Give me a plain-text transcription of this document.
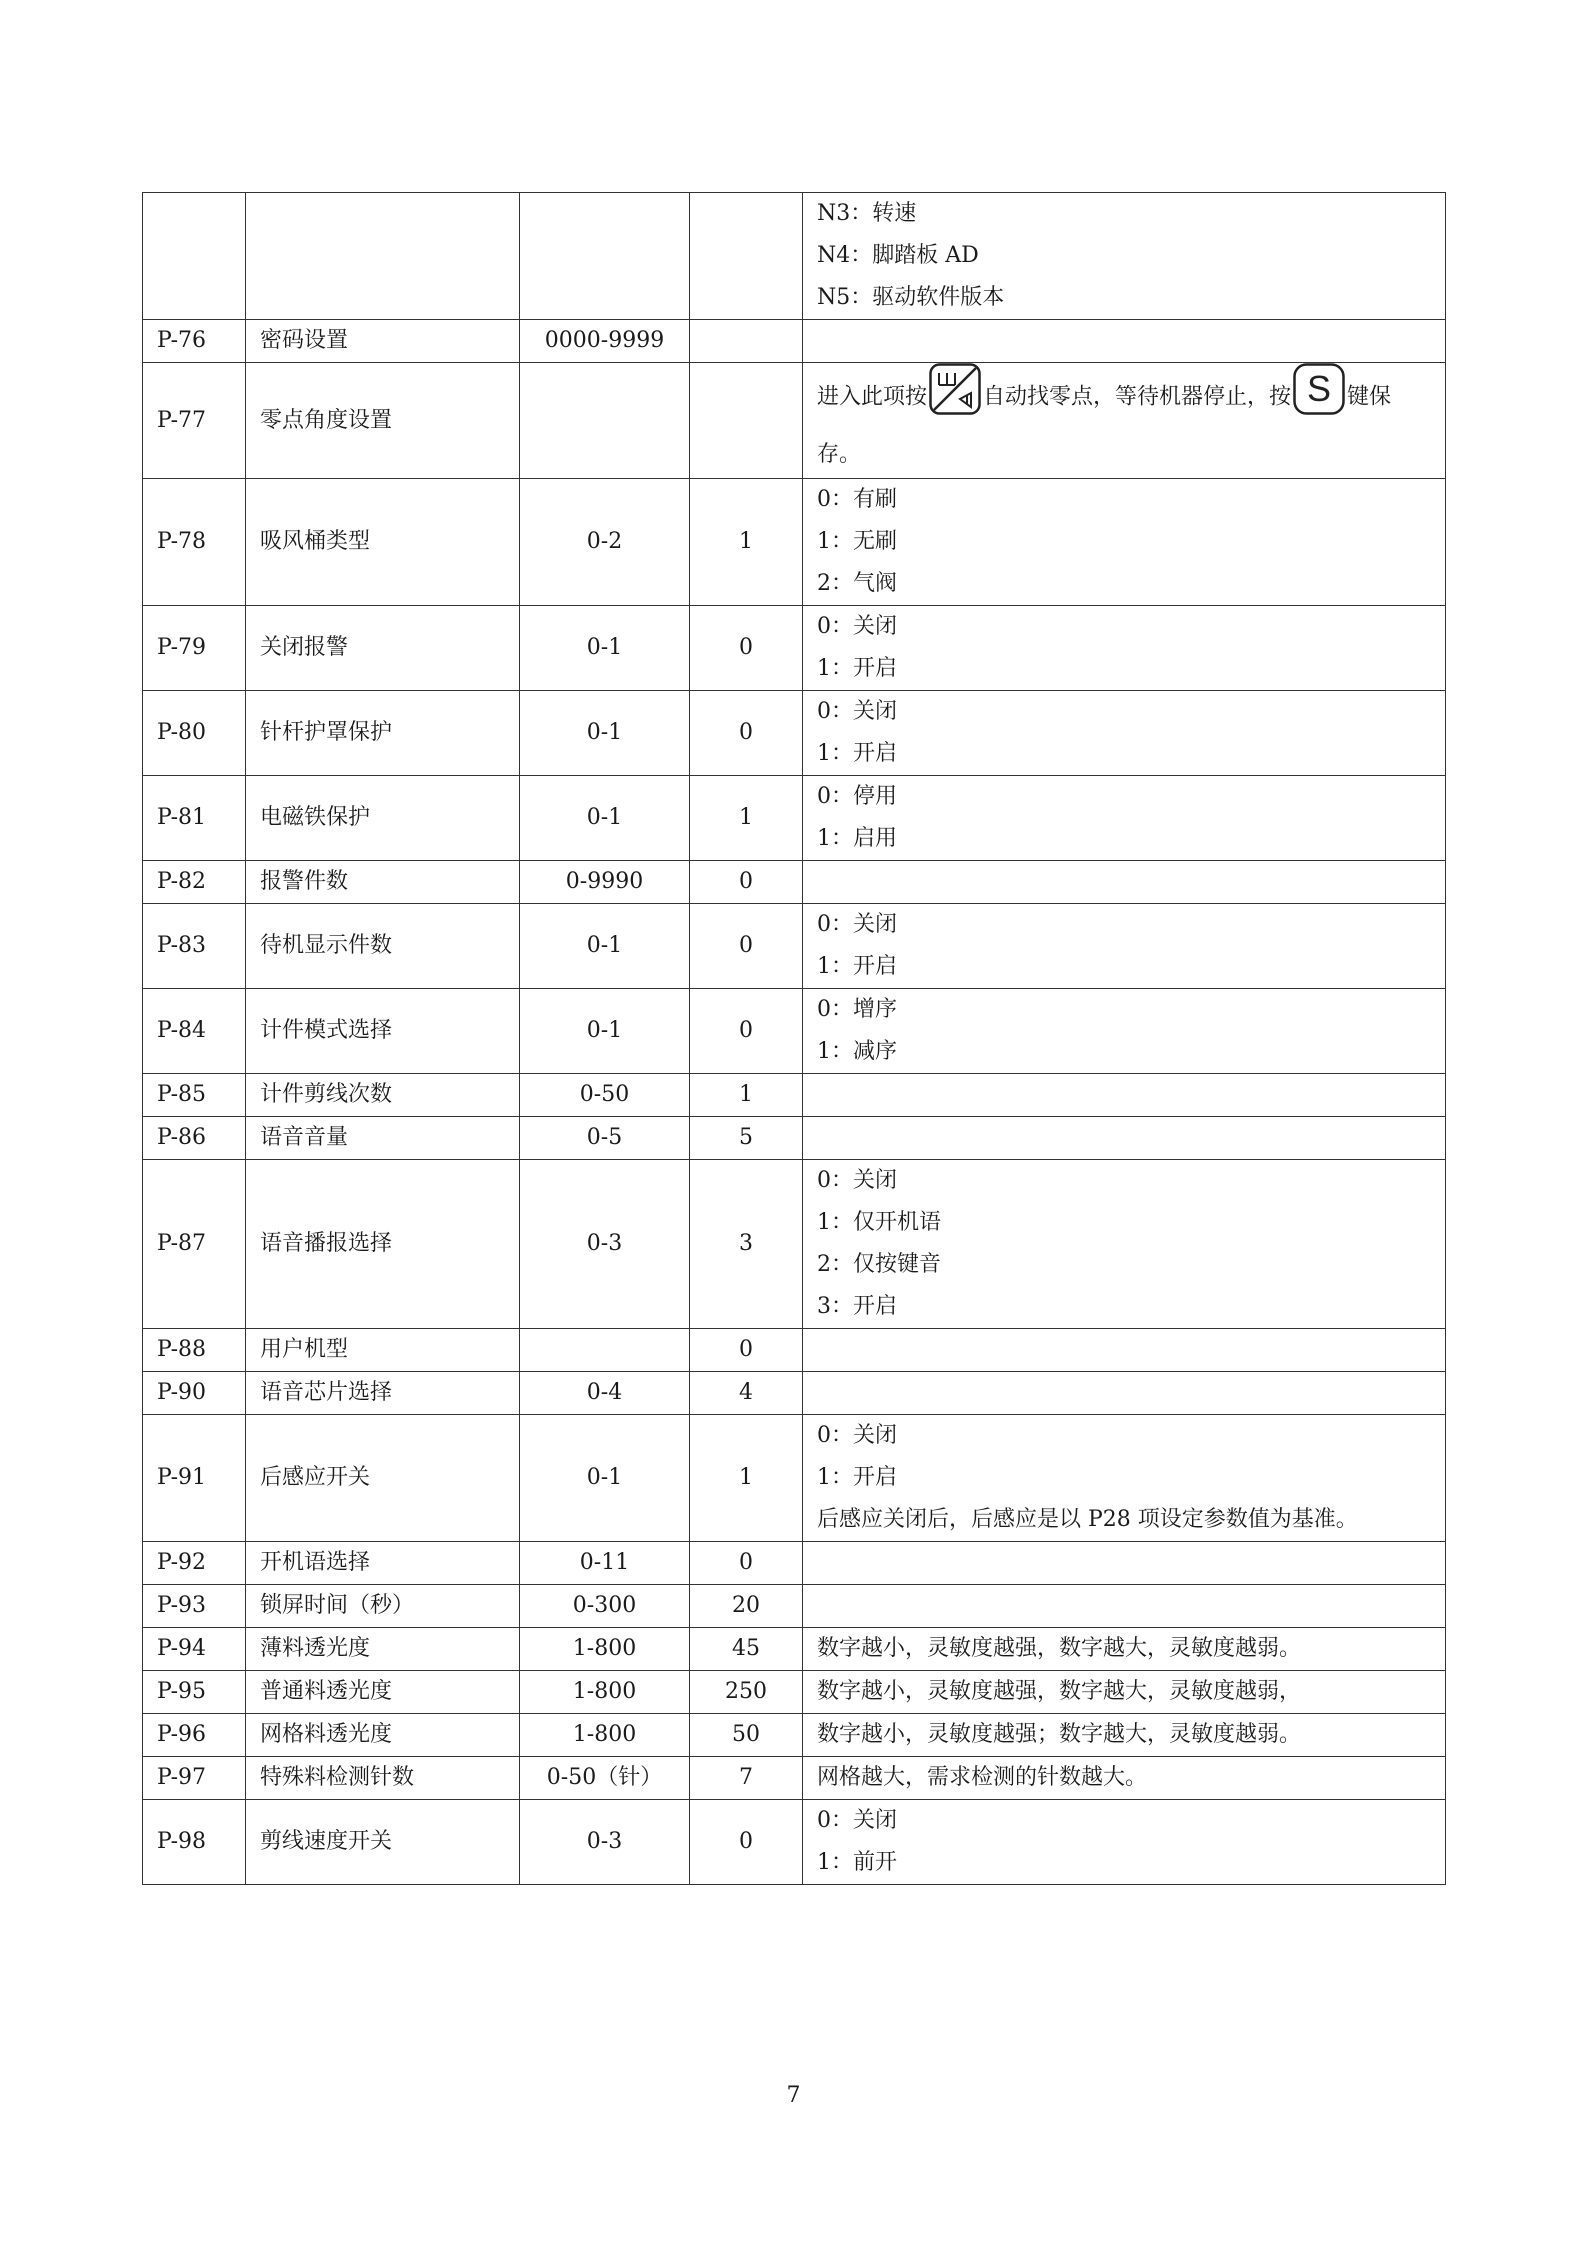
				N3：转速
N4：脚踏板 AD
N5：驱动软件版本

P-76	密码设置	0000-9999		
P-77	零点角度设置			进入此项按 自动找零点，等待机器停止，按 S 键保
存。

P-78	吸风桶类型	0-2	1	0：有刷
1：无刷
2：气阀

P-79	关闭报警	0-1	0	0：关闭
1：开启

P-80	针杆护罩保护	0-1	0	0：关闭
1：开启

P-81	电磁铁保护	0-1	1	0：停用
1：启用

P-82	报警件数	0-9990	0	
P-83	待机显示件数	0-1	0	0：关闭
1：开启

P-84	计件模式选择	0-1	0	0：增序
1：减序

P-85	计件剪线次数	0-50	1	
P-86	语音音量	0-5	5	
P-87	语音播报选择	0-3	3	0：关闭
1：仅开机语
2：仅按键音
3：开启

P-88	用户机型		0	
P-90	语音芯片选择	0-4	4	
P-91	后感应开关	0-1	1	0：关闭
1：开启
后感应关闭后，后感应是以 P28 项设定参数值为基准。

P-92	开机语选择	0-11	0	
P-93	锁屏时间（秒）	0-300	20	
P-94	薄料透光度	1-800	45	数字越小，灵敏度越强，数字越大，灵敏度越弱。

P-95	普通料透光度	1-800	250	数字越小，灵敏度越强，数字越大，灵敏度越弱，

P-96	网格料透光度	1-800	50	数字越小，灵敏度越强；数字越大，灵敏度越弱。

P-97	特殊料检测针数	0-50（针）	7	网格越大，需求检测的针数越大。

P-98	剪线速度开关	0-3	0	0：关闭
1：前开
7
